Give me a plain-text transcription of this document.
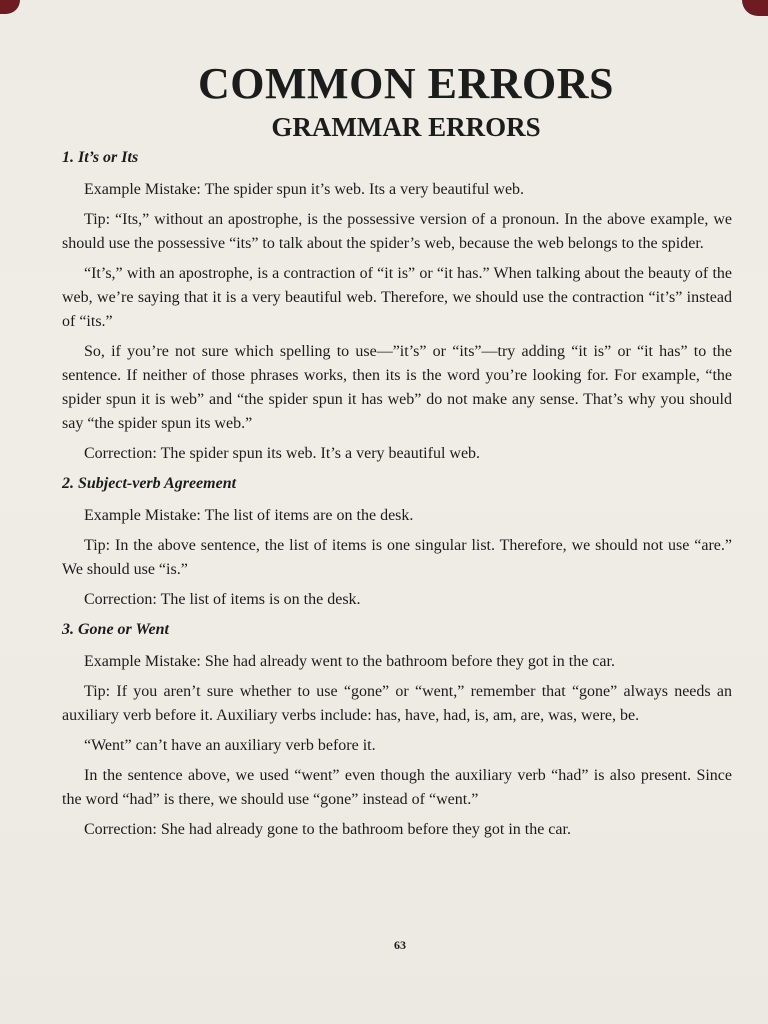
COMMON ERRORS
GRAMMAR ERRORS

1. It’s or Its

Example Mistake: The spider spun it’s web. Its a very beautiful web.

Tip: “Its,” without an apostrophe, is the possessive version of a pronoun. In the above example, we should use the possessive “its” to talk about the spider’s web, because the web belongs to the spider.

“It’s,” with an apostrophe, is a contraction of “it is” or “it has.” When talking about the beauty of the web, we’re saying that it is a very beautiful web. Therefore, we should use the contraction “it’s” instead of “its.”

So, if you’re not sure which spelling to use—”it’s” or “its”—try adding “it is” or “it has” to the sentence. If neither of those phrases works, then its is the word you’re looking for. For example, “the spider spun it is web” and “the spider spun it has web” do not make any sense. That’s why you should say “the spider spun its web.”

Correction: The spider spun its web. It’s a very beautiful web.

2. Subject-verb Agreement

Example Mistake: The list of items are on the desk.

Tip: In the above sentence, the list of items is one singular list. Therefore, we should not use “are.” We should use “is.”

Correction: The list of items is on the desk.

3. Gone or Went

Example Mistake: She had already went to the bathroom before they got in the car.

Tip: If you aren’t sure whether to use “gone” or “went,” remember that “gone” always needs an auxiliary verb before it. Auxiliary verbs include: has, have, had, is, am, are, was, were, be.

“Went” can’t have an auxiliary verb before it.

In the sentence above, we used “went” even though the auxiliary verb “had” is also present. Since the word “had” is there, we should use “gone” instead of “went.”

Correction: She had already gone to the bathroom before they got in the car.

63
